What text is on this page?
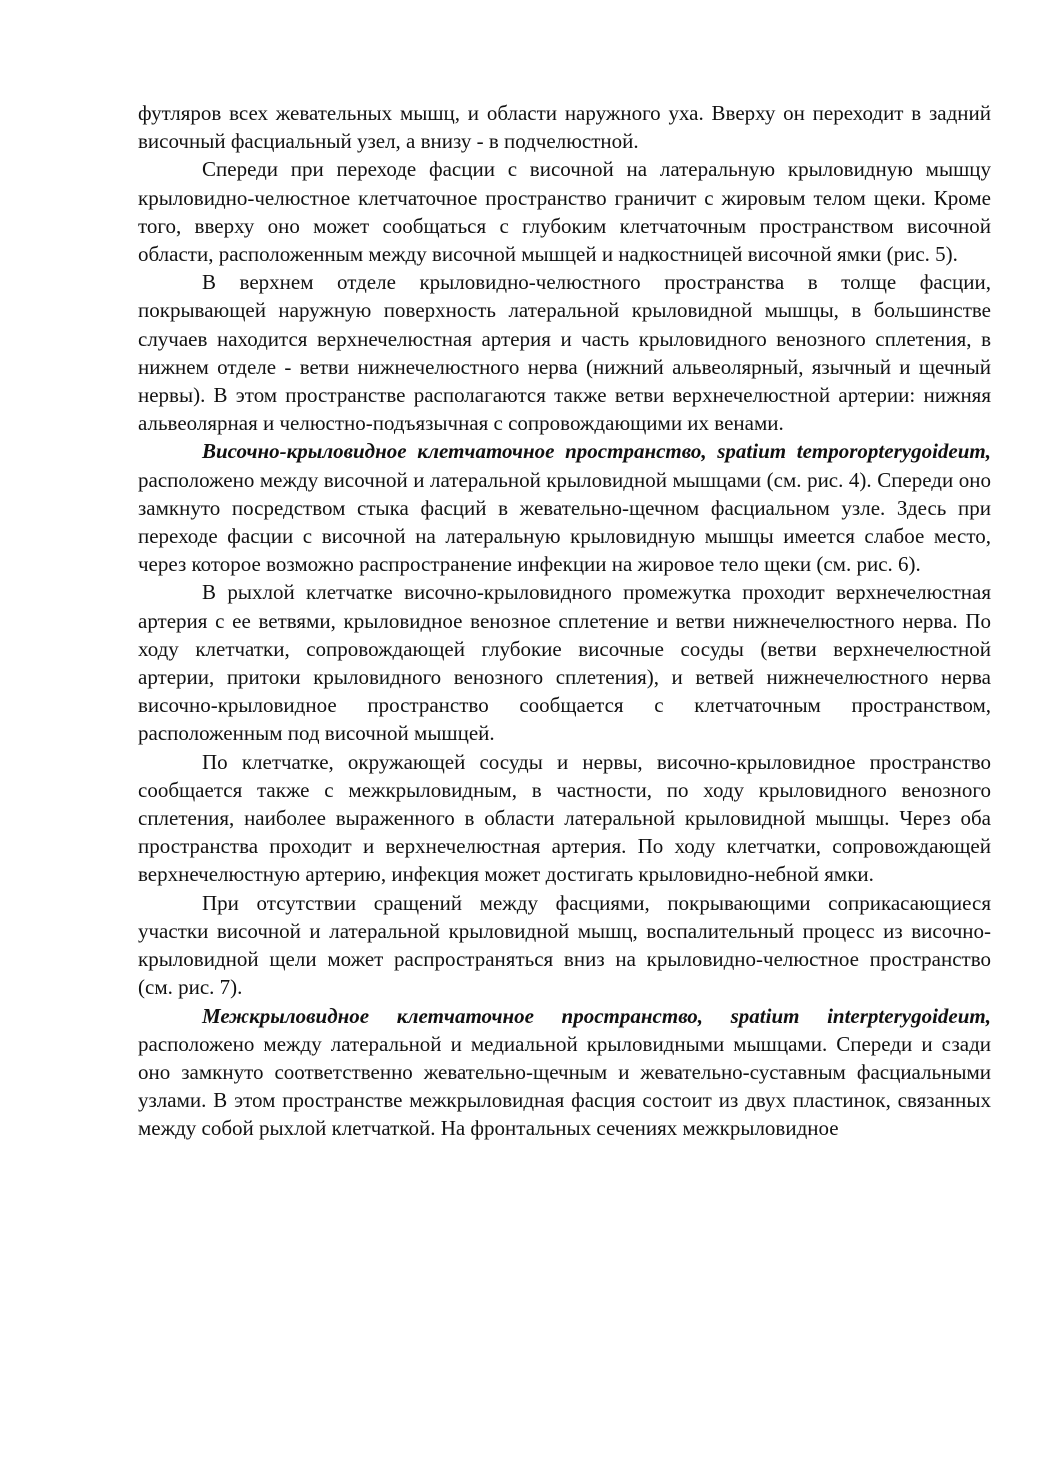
футляров всех жевательных мышц, и области наружного уха. Вверху он переходит в задний височный фасциальный узел, а внизу - в подчелюстной.

Спереди при переходе фасции с височной на латеральную крыловидную мышцу крыловидно-челюстное клетчаточное пространство граничит с жировым телом щеки. Кроме того, вверху оно может сообщаться с глубоким клетчаточным пространством височной области, расположенным между височной мышцей и надкостницей височной ямки (рис. 5).

В верхнем отделе крыловидно-челюстного пространства в толще фасции, покрывающей наружную поверхность латеральной крыловидной мышцы, в большинстве случаев находится верхнечелюстная артерия и часть крыловидного венозного сплетения, в нижнем отделе - ветви нижнечелюстного нерва (нижний альвеолярный, язычный и щечный нервы). В этом пространстве располагаются также ветви верхнечелюстной артерии: нижняя альвеолярная и челюстно-подъязычная с сопровождающими их венами.

Височно-крыловидное клетчаточное пространство, spatium temporopterygoideum, расположено между височной и латеральной крыловидной мышцами (см. рис. 4). Спереди оно замкнуто посредством стыка фасций в жевательно-щечном фасциальном узле. Здесь при переходе фасции с височной на латеральную крыловидную мышцы имеется слабое место, через которое возможно распространение инфекции на жировое тело щеки (см. рис. 6).

В рыхлой клетчатке височно-крыловидного промежутка проходит верхнечелюстная артерия с ее ветвями, крыловидное венозное сплетение и ветви нижнечелюстного нерва. По ходу клетчатки, сопровождающей глубокие височные сосуды (ветви верхнечелюстной артерии, притоки крыловидного венозного сплетения), и ветвей нижнечелюстного нерва височно-крыловидное пространство сообщается с клетчаточным пространством, расположенным под височной мышцей.

По клетчатке, окружающей сосуды и нервы, височно-крыловидное пространство сообщается также с межкрыловидным, в частности, по ходу крыловидного венозного сплетения, наиболее выраженного в области латеральной крыловидной мышцы. Через оба пространства проходит и верхнечелюстная артерия. По ходу клетчатки, сопровождающей верхнечелюстную артерию, инфекция может достигать крыловидно-небной ямки.

При отсутствии сращений между фасциями, покрывающими соприкасающиеся участки височной и латеральной крыловидной мышц, воспалительный процесс из височно-крыловидной щели может распространяться вниз на крыловидно-челюстное пространство (см. рис. 7).

Межкрыловидное клетчаточное пространство, spatium interpterygoideum, расположено между латеральной и медиальной крыловидными мышцами. Спереди и сзади оно замкнуто соответственно жевательно-щечным и жевательно-суставным фасциальными узлами. В этом пространстве межкрыловидная фасция состоит из двух пластинок, связанных между собой рыхлой клетчаткой. На фронтальных сечениях межкрыловидное
